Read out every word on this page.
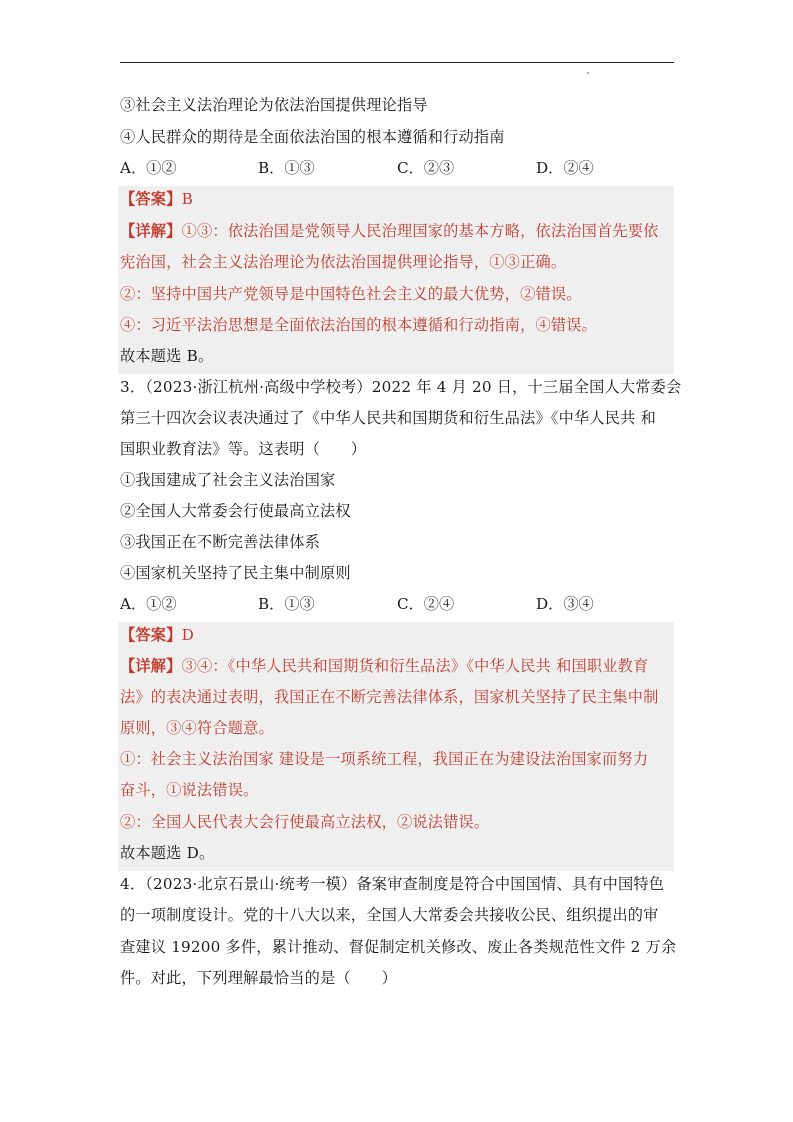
③社会主义法治理论为依法治国提供理论指导
④人民群众的期待是全面依法治国的根本遵循和行动指南
A．①②	B．①③	C．②③	D．②④
【答案】B
【详解】①③：依法治国是党领导人民治理国家的基本方略，依法治国首先要依
宪治国，社会主义法治理论为依法治国提供理论指导，①③正确。
②：坚持中国共产党领导是中国特色社会主义的最大优势，②错误。
④：习近平法治思想是全面依法治国的根本遵循和行动指南，④错误。
故本题选 B。
3．（2023·浙江杭州·高级中学校考）2022 年 4 月 20 日，十三届全国人大常委会
第三十四次会议表决通过了《中华人民共和国期货和衍生品法》《中华人民共 和
国职业教育法》等。这表明（　　）
①我国建成了社会主义法治国家
②全国人大常委会行使最高立法权
③我国正在不断完善法律体系
④国家机关坚持了民主集中制原则
A．①②	B．①③	C．②④	D．③④
【答案】D
【详解】③④：《中华人民共和国期货和衍生品法》《中华人民共 和国职业教育
法》的表决通过表明，我国正在不断完善法律体系，国家机关坚持了民主集中制
原则，③④符合题意。
①：社会主义法治国家 建设是一项系统工程，我国正在为建设法治国家而努力
奋斗，①说法错误。
②：全国人民代表大会行使最高立法权，②说法错误。
故本题选 D。
4．（2023·北京石景山·统考一模）备案审查制度是符合中国国情、具有中国特色
的一项制度设计。党的十八大以来，全国人大常委会共接收公民、组织提出的审
查建议 19200 多件，累计推动、督促制定机关修改、废止各类规范性文件 2 万余
件。对此，下列理解最恰当的是（　　）
